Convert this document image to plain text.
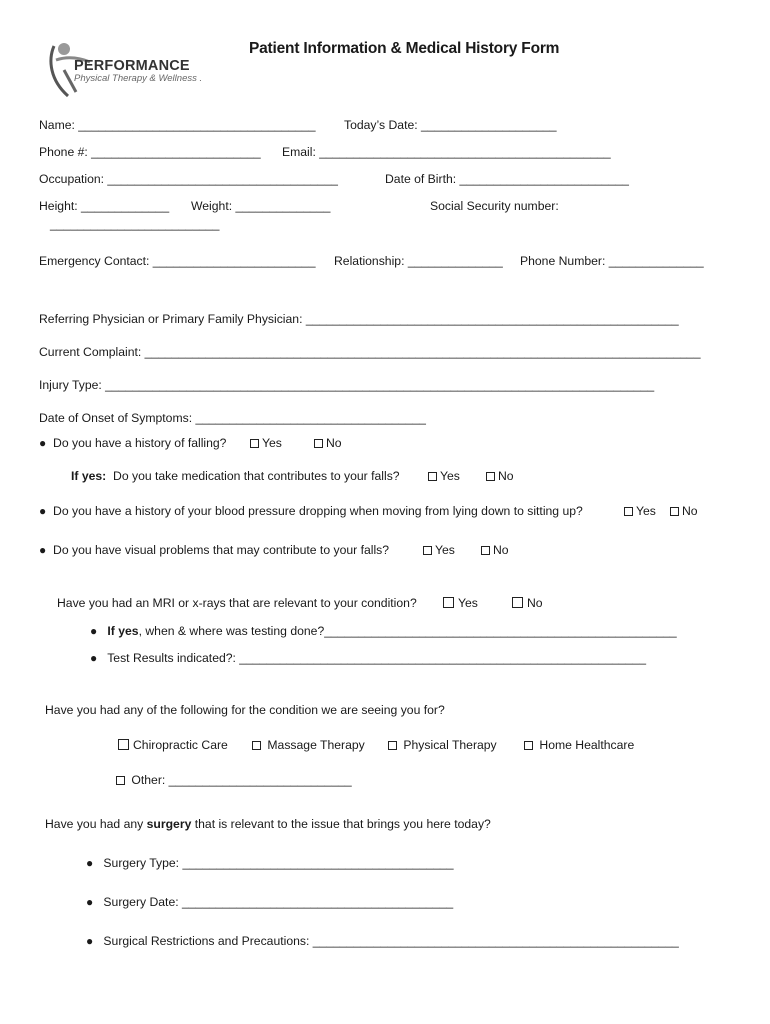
PERFORMANCE
Physical Therapy & Wellness .
Patient Information & Medical History Form
Name: ___________________________________ Today’s Date: ____________________
Phone #: _________________________ Email: ___________________________________________
Occupation: __________________________________	Date of Birth: _________________________
Height: _____________ Weight: ______________	Social Security number:
_________________________
Emergency Contact: ________________________ Relationship: ______________ Phone Number: ______________
Referring Physician or Primary Family Physician: _______________________________________________________
Current Complaint: __________________________________________________________________________________
Injury Type: _________________________________________________________________________________
Date of Onset of Symptoms: __________________________________
● Do you have a history of falling?	Yes	No
If yes: Do you take medication that contributes to your falls?	Yes	No
● Do you have a history of your blood pressure dropping when moving from lying down to sitting up?	Yes	No
● Do you have visual problems that may contribute to your falls?	Yes	No
Have you had an MRI or x-rays that are relevant to your condition?	Yes	No
● If yes, when & where was testing done?____________________________________________________
● Test Results indicated?: ____________________________________________________________
Have you had any of the following for the condition we are seeing you for?
Chiropractic Care	Massage Therapy	Physical Therapy	Home Healthcare
Other: ___________________________
Have you had any surgery that is relevant to the issue that brings you here today?
● Surgery Type: ________________________________________
● Surgery Date: ________________________________________
● Surgical Restrictions and Precautions: ______________________________________________________
